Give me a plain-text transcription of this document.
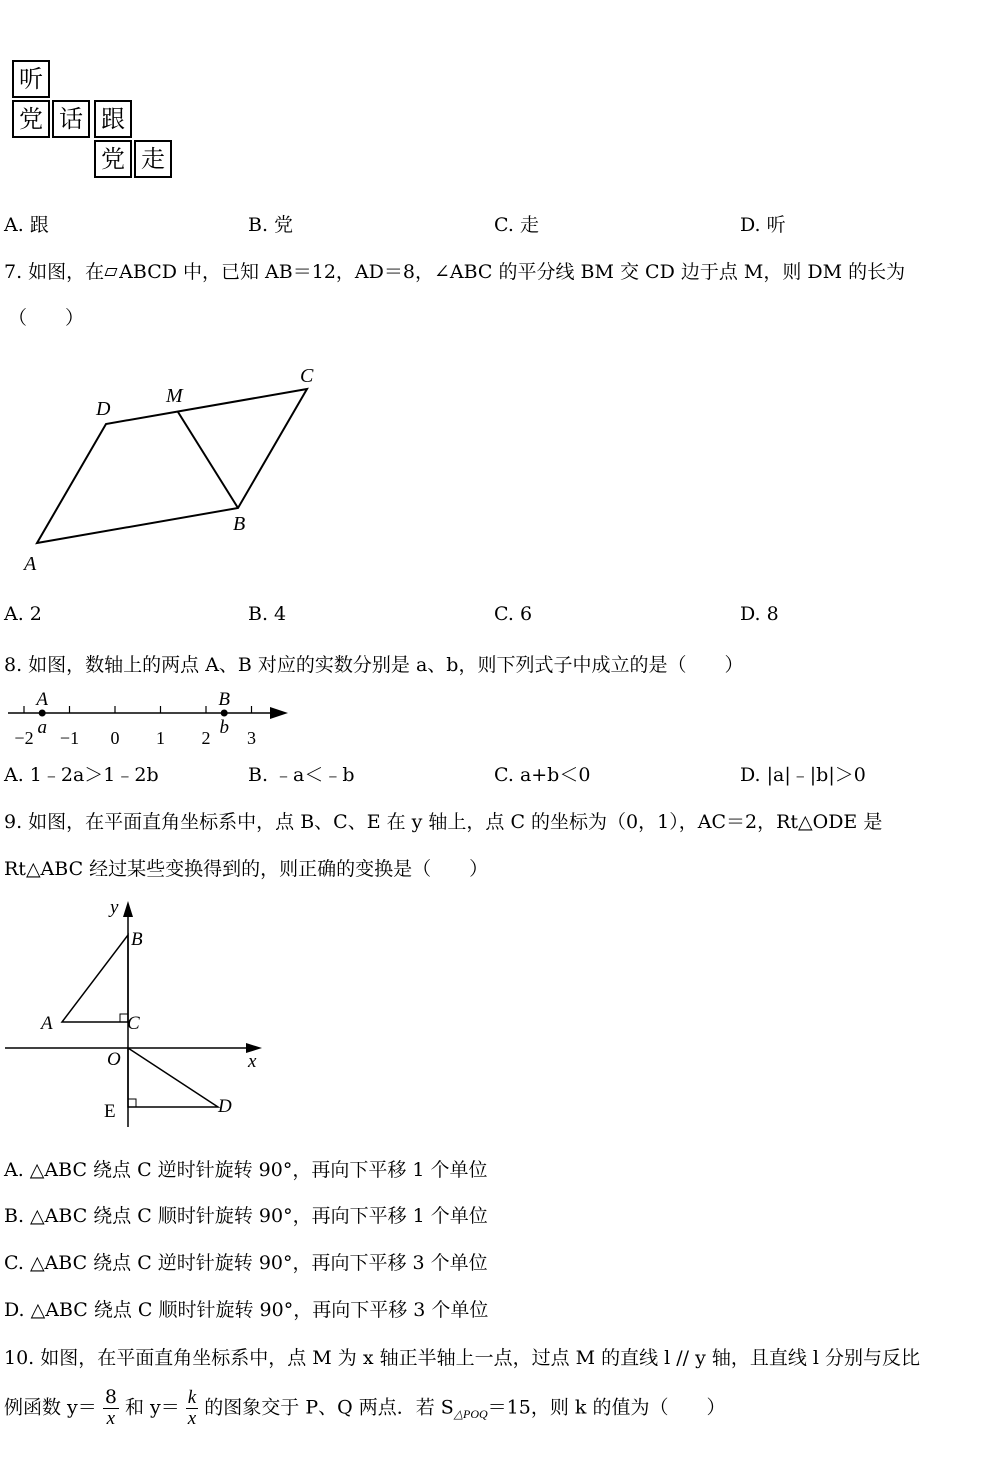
听
党 话 跟
党 走
A. 跟	B. 党	C. 走	D. 听
7. 如图，在 ABCD 中，已知 AB＝12，AD＝8，∠ABC 的平分线 BM 交 CD 边于点 M，则 DM 的长为
（　　）
A
B
C
D
M
A. 2	B. 4	C. 6	D. 8
8. 如图，数轴上的两点 A、B 对应的实数分别是 a、b，则下列式子中成立的是（　　）
−2 −1 0 1 2 3
A
a
B
b
A. 1﹣2a＞1﹣2b	B. ﹣a＜﹣b	C. a+b＜0	D. |a|﹣|b|＞0
9. 如图，在平面直角坐标系中，点 B、C、E 在 y 轴上，点 C 的坐标为（0，1），AC＝2，Rt△ODE 是
Rt△ABC 经过某些变换得到的，则正确的变换是（　　）
y
x
O
A
B
C
D
E
A. △ABC 绕点 C 逆时针旋转 90°，再向下平移 1 个单位
B. △ABC 绕点 C 顺时针旋转 90°，再向下平移 1 个单位
C. △ABC 绕点 C 逆时针旋转 90°，再向下平移 3 个单位
D. △ABC 绕点 C 顺时针旋转 90°，再向下平移 3 个单位
10. 如图，在平面直角坐标系中，点 M 为 x 轴正半轴上一点，过点 M 的直线 l // y 轴，且直线 l 分别与反比
例函数 $y= \frac{8}{x}$ 和 $y= \frac{k}{x}$ 的图象交于 P、Q 两点．若 $S_{\triangle POQ}=15$，则 k 的值为（　　）
